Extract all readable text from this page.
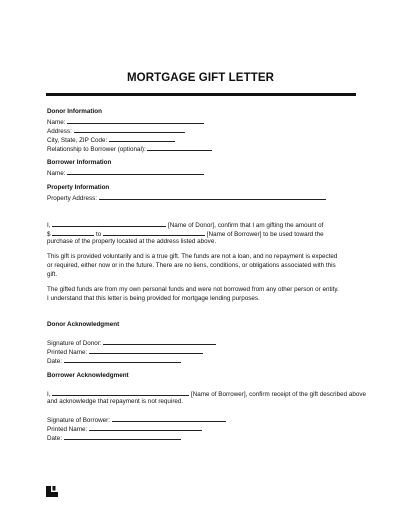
MORTGAGE GIFT LETTER
Donor Information
Name:
Address:
City, State, ZIP Code:
Relationship to Borrower (optional):
Borrower Information
Name:
Property Information
Property Address:
I,	[Name of Donor], confirm that I am gifting the amount of
$	to	[Name of Borrower] to be used toward the
purchase of the property located at the address listed above.
This gift is provided voluntarily and is a true gift. The funds are not a loan, and no repayment is expected
or required, either now or in the future. There are no liens, conditions, or obligations associated with this
gift.
The gifted funds are from my own personal funds and were not borrowed from any other person or entity.
I understand that this letter is being provided for mortgage lending purposes.
Donor Acknowledgment
Signature of Donor:
Printed Name:
Date:
Borrower Acknowledgment
I,	[Name of Borrower], confirm receipt of the gift described above
and acknowledge that repayment is not required.
Signature of Borrower:
Printed Name:
Date:
